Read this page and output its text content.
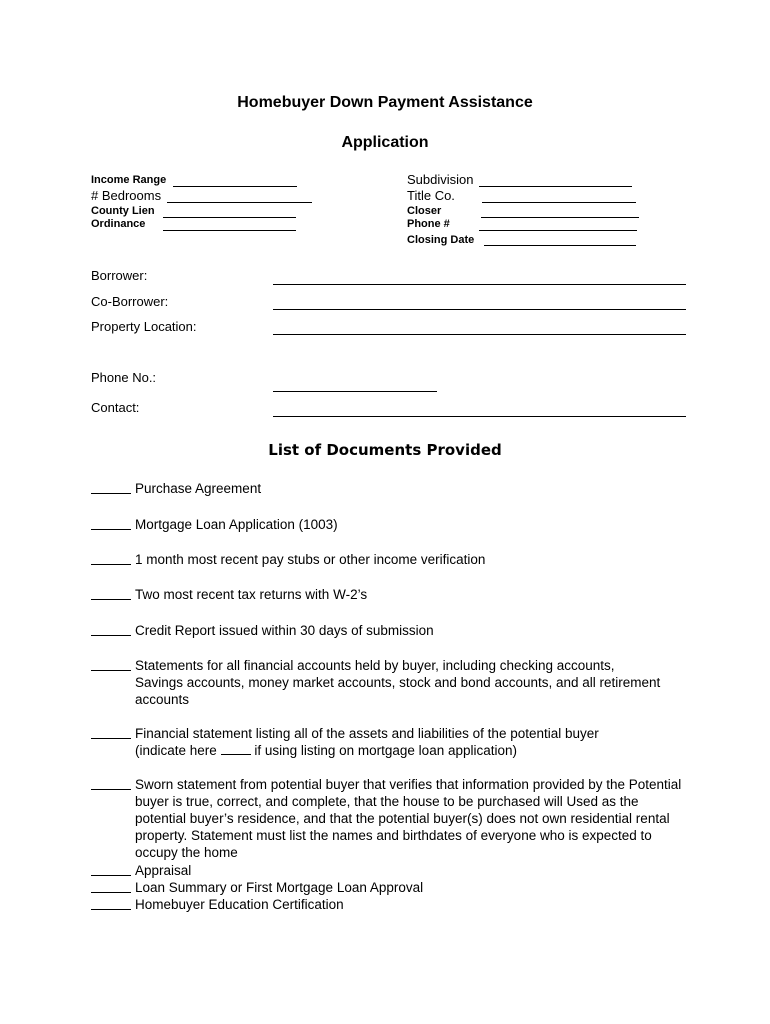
Homebuyer Down Payment Assistance
Application
Income Range
# Bedrooms
County Lien
Ordinance
Subdivision
Title Co.
Closer
Phone #
Closing Date
Borrower:
Co-Borrower:
Property Location:
Phone No.:
Contact:
List of Documents Provided
Purchase Agreement
Mortgage Loan Application (1003)
1 month most recent pay stubs or other income verification
Two most recent tax returns with W-2’s
Credit Report issued within 30 days of submission
Statements for all financial accounts held by buyer, including checking accounts, Savings accounts, money market accounts, stock and bond accounts, and all retirement accounts
Financial statement listing all of the assets and liabilities of the potential buyer
(indicate here	if using listing on mortgage loan application)
Sworn statement from potential buyer that verifies that information provided by the Potential buyer is true, correct, and complete, that the house to be purchased will Used as the potential buyer’s residence, and that the potential buyer(s) does not own residential rental property. Statement must list the names and birthdates of everyone who is expected to occupy the home
Appraisal
Loan Summary or First Mortgage Loan Approval
Homebuyer Education Certification
